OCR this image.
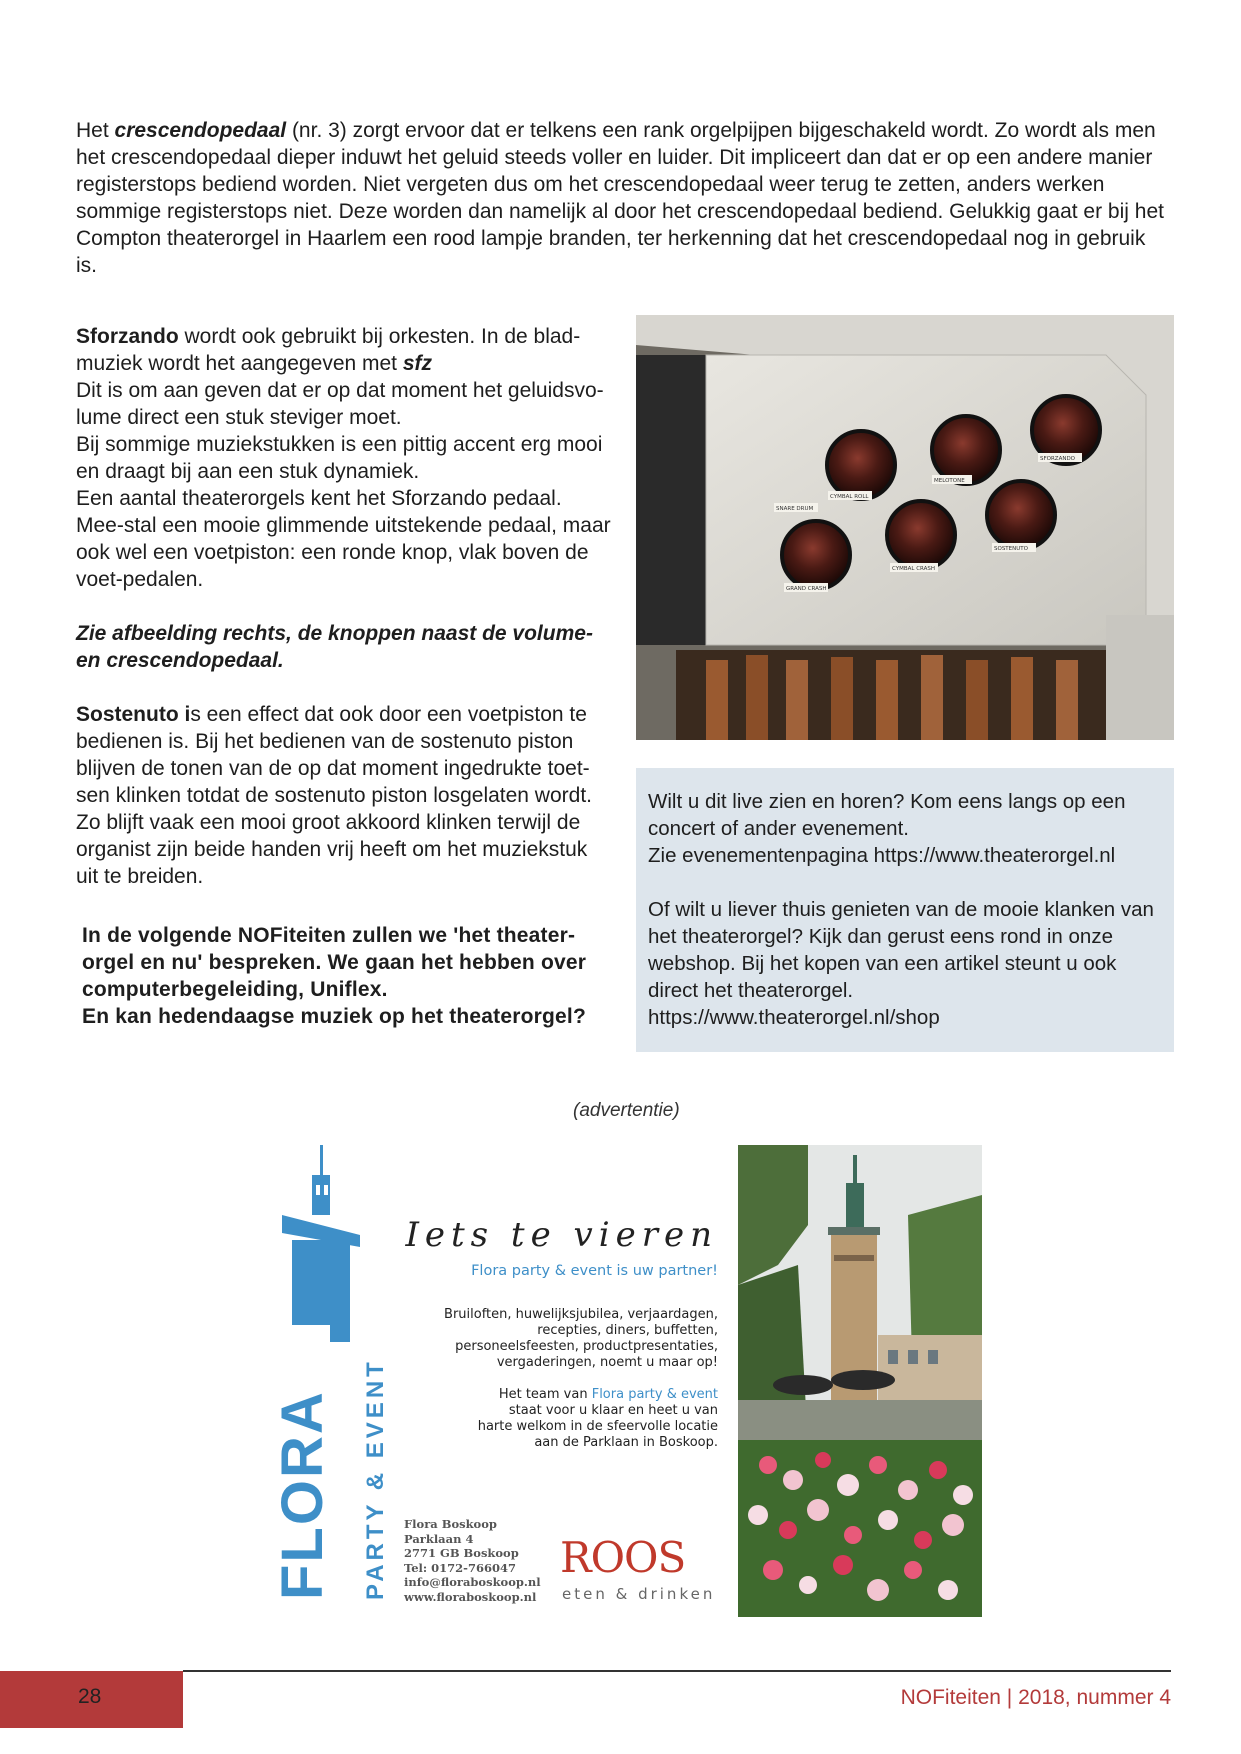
Het crescendopedaal (nr. 3) zorgt ervoor dat er telkens een rank orgelpijpen bijgeschakeld wordt. Zo wordt als men het crescendopedaal dieper induwt het geluid steeds voller en luider. Dit impliceert dan dat er op een andere manier registerstops bediend worden. Niet vergeten dus om het crescendopedaal weer terug te zetten, anders werken sommige registerstops niet. Deze worden dan namelijk al door het crescendopedaal bediend. Gelukkig gaat er bij het Compton theaterorgel in Haarlem een rood lampje branden, ter herkenning dat het crescendopedaal nog in gebruik is.

Sforzando wordt ook gebruikt bij orkesten. In de blad-muziek wordt het aangegeven met sfz
Dit is om aan geven dat er op dat moment het geluidsvo-lume direct een stuk steviger moet.
Bij sommige muziekstukken is een pittig accent erg mooi en draagt bij aan een stuk dynamiek.
Een aantal theaterorgels kent het Sforzando pedaal. Mee-stal een mooie glimmende uitstekende pedaal, maar ook wel een voetpiston: een ronde knop, vlak boven de voet-pedalen.

Zie afbeelding rechts, de knoppen naast de volume-en crescendopedaal.

Sostenuto is een effect dat ook door een voetpiston te bedienen is. Bij het bedienen van de sostenuto piston blijven de tonen van de op dat moment ingedrukte toet-sen klinken totdat de sostenuto piston losgelaten wordt. Zo blijft vaak een mooi groot akkoord klinken terwijl de organist zijn beide handen vrij heeft om het muziekstuk uit te breiden.

In de volgende NOFiteiten zullen we 'het theater-orgel en nu' bespreken. We gaan het hebben over computerbegeleiding, Uniflex.
En kan hedendaagse muziek op het theaterorgel?
SNARE DRUM
CYMBAL ROLL
MELOTONE
SFORZANDO
GRAND CRASH
CYMBAL CRASH
SOSTENUTO

Wilt u dit live zien en horen? Kom eens langs op een concert of ander evenement.
Zie evenementenpagina https://www.theaterorgel.nl

Of wilt u liever thuis genieten van de mooie klanken van het theaterorgel? Kijk dan gerust eens rond in onze webshop. Bij het kopen van een artikel steunt u ook direct het theaterorgel.
https://www.theaterorgel.nl/shop

(advertentie)
FLORA PARTY & EVENT
Iets te vieren
Flora party & event is uw partner!
Bruiloften, huwelijksjubilea, verjaardagen,
recepties, diners, buffetten,
personeelsfeesten, productpresentaties,
vergaderingen, noemt u maar op!
Het team van Flora party & event
staat voor u klaar en heet u van
harte welkom in de sfeervolle locatie
aan de Parklaan in Boskoop.
Flora Boskoop
Parklaan 4
2771 GB Boskoop
Tel: 0172-766047
info@floraboskoop.nl
www.floraboskoop.nl
ROOS
eten & drinken
28	NOFiteiten | 2018, nummer 4
